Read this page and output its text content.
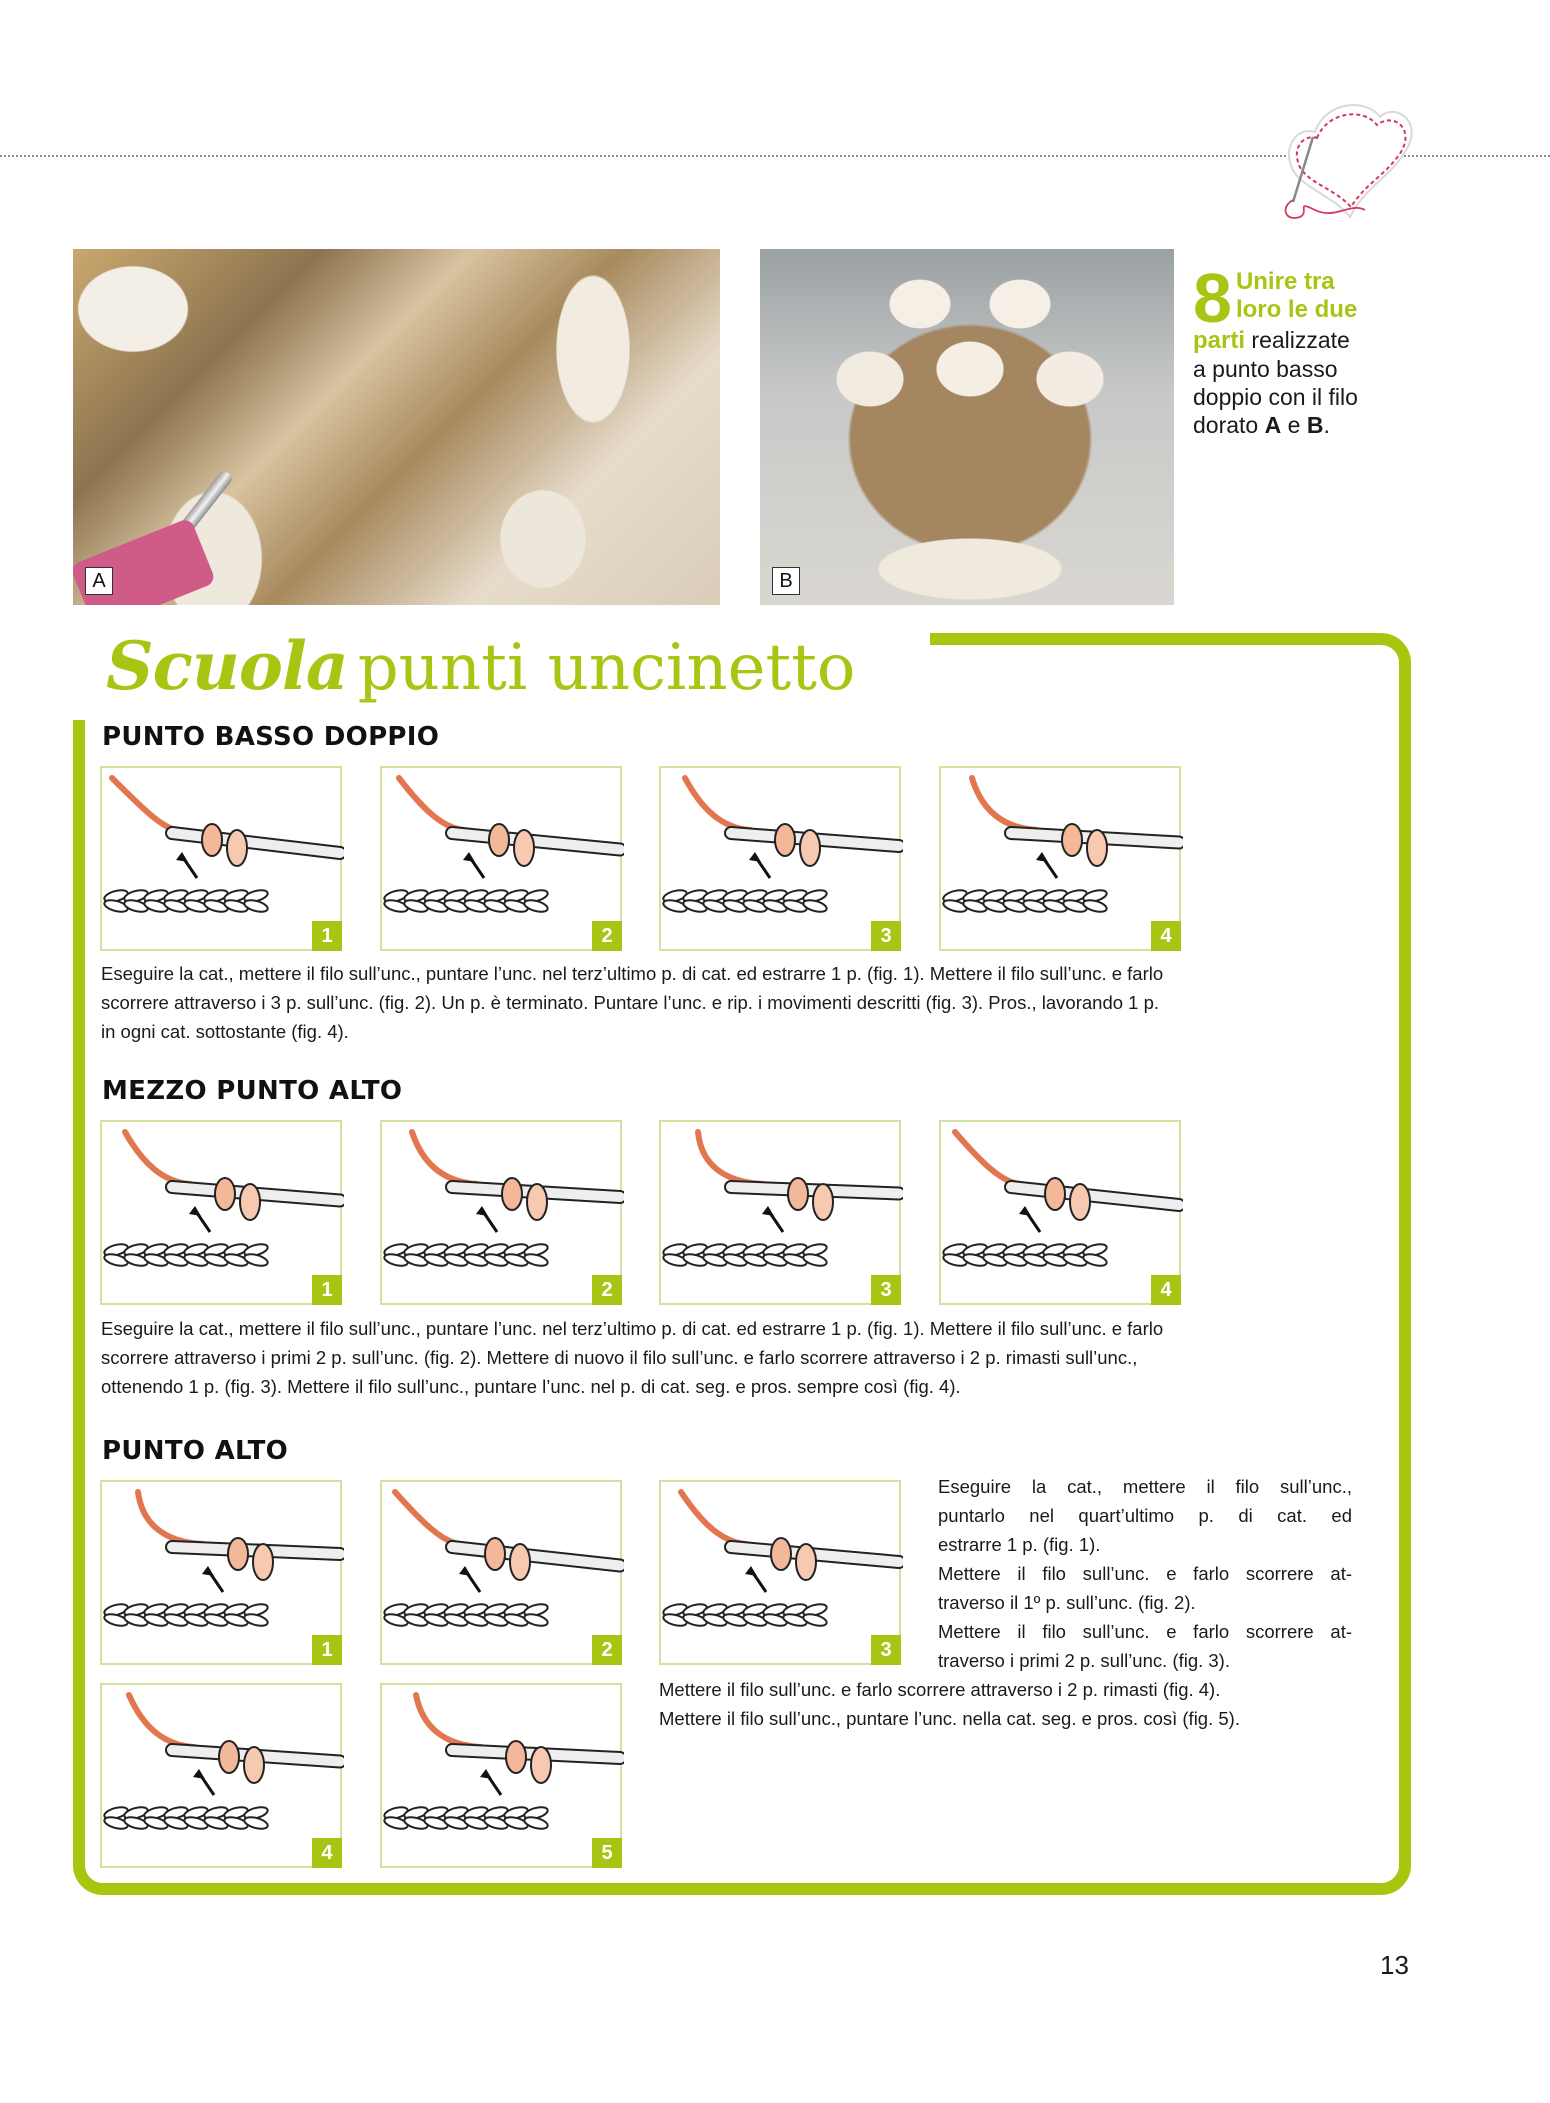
A	B
8 Unire tra
loro le due
parti realizzate
a punto basso
doppio con il filo
dorato A e B.
Scuola punti uncinetto
PUNTO BASSO DOPPIO
Eseguire la cat., mettere il filo sull’unc., puntare l’unc. nel terz’ultimo p. di cat. ed estrarre 1 p. (fig. 1). Mettere il filo sull’unc. e farlo
scorrere attraverso i 3 p. sull’unc. (fig. 2). Un p. è terminato. Puntare l’unc. e rip. i movimenti descritti (fig. 3). Pros., lavorando 1 p.
in ogni cat. sottostante (fig. 4).
MEZZO PUNTO ALTO
Eseguire la cat., mettere il filo sull’unc., puntare l’unc. nel terz’ultimo p. di cat. ed estrarre 1 p. (fig. 1). Mettere il filo sull’unc. e farlo
scorrere attraverso i primi 2 p. sull’unc. (fig. 2). Mettere di nuovo il filo sull’unc. e farlo scorrere attraverso i 2 p. rimasti sull’unc.,
ottenendo 1 p. (fig. 3). Mettere il filo sull’unc., puntare l’unc. nel p. di cat. seg. e pros. sempre così (fig. 4).
PUNTO ALTO
Eseguire la cat., mettere il filo sull’unc.,
puntarlo nel quart’ultimo p. di cat. ed
estrarre 1 p. (fig. 1).
Mettere il filo sull’unc. e farlo scorrere at-
traverso il 1º p. sull’unc. (fig. 2).
Mettere il filo sull’unc. e farlo scorrere at-
traverso i primi 2 p. sull’unc. (fig. 3).
Mettere il filo sull’unc. e farlo scorrere attraverso i 2 p. rimasti (fig. 4).
Mettere il filo sull’unc., puntare l’unc. nella cat. seg. e pros. così (fig. 5).
13
1	2	3	4
1	2	3	4
1	2	3
4	5
